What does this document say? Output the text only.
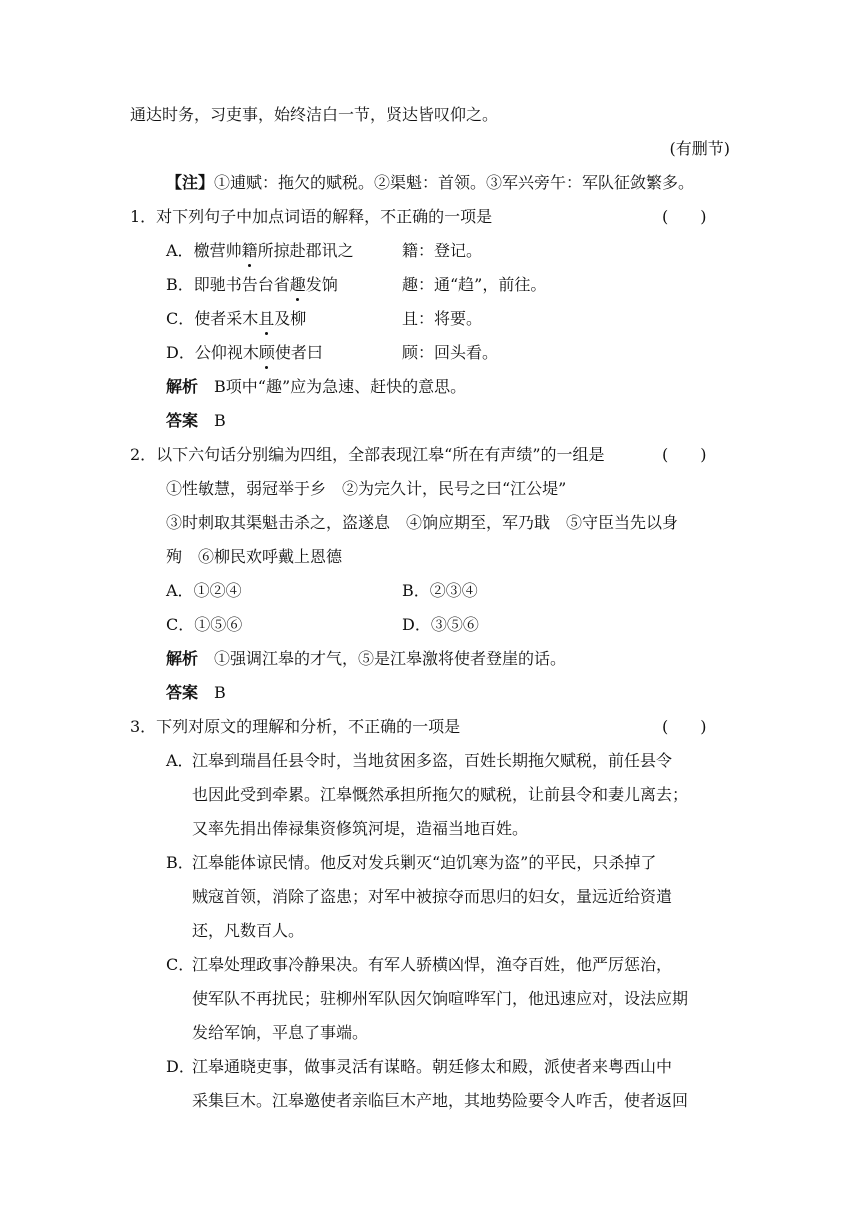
通达时务，习吏事，始终洁白一节，贤达皆叹仰之。
(有删节)
【注】①逋赋：拖欠的赋税。②渠魁：首领。③军兴旁午：军队征敛繁多。
1．对下列句子中加点词语的解释，不正确的一项是	(　　)
A．檄营帅籍所掠赴郡讯之	籍：登记。
B．即驰书告台省趣发饷	趣：通“趋”，前往。
C．使者采木且及柳	且：将要。
D．公仰视木顾使者曰	顾：回头看。
解析　 B项中“趣”应为急速、赶快的意思。
答案　 B
2．以下六句话分别编为四组，全部表现江皋“所在有声绩”的一组是	(　　)
①性敏慧，弱冠举于乡　②为完久计，民号之曰“江公堤”
③时刺取其渠魁击杀之，盗遂息　④饷应期至，军乃戢　⑤守臣当先以身
殉　⑥柳民欢呼戴上恩德
A．①②④	B．②③④
C．①⑤⑥	D．③⑤⑥
解析　 ①强调江皋的才气，⑤是江皋激将使者登崖的话。
答案　 B
3．下列对原文的理解和分析，不正确的一项是	(　　)
A．
江皋到瑞昌任县令时，当地贫困多盗，百姓长期拖欠赋税，前任县令
也因此受到牵累。江皋慨然承担所拖欠的赋税，让前县令和妻儿离去；
又率先捐出俸禄集资修筑河堤，造福当地百姓。
B．
江皋能体谅民情。他反对发兵剿灭“迫饥寒为盗”的平民，只杀掉了
贼寇首领，消除了盗患；对军中被掠夺而思归的妇女，量远近给资遣
还，凡数百人。
C．
江皋处理政事冷静果决。有军人骄横凶悍，渔夺百姓，他严厉惩治，
使军队不再扰民；驻柳州军队因欠饷喧哗军门，他迅速应对，设法应期
发给军饷，平息了事端。
D．
江皋通晓吏事，做事灵活有谋略。朝廷修太和殿，派使者来粤西山中
采集巨木。江皋邀使者亲临巨木产地，其地势险要令人咋舌，使者返回
